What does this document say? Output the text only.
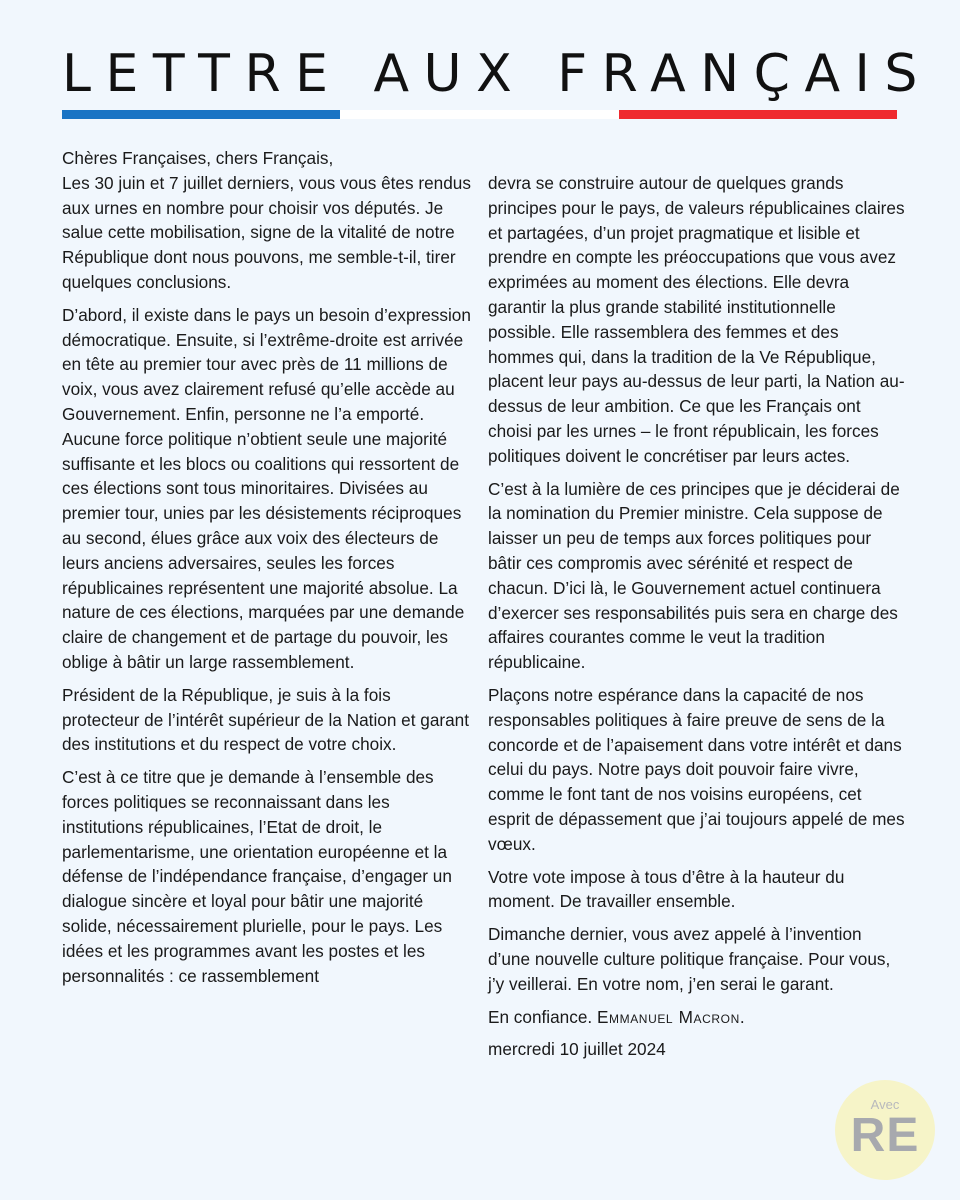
LETTRE AUX FRANÇAIS

Chères Françaises, chers Français,

Les 30 juin et 7 juillet derniers, vous vous êtes rendus aux urnes en nombre pour choisir vos députés. Je salue cette mobilisation, signe de la vitalité de notre République dont nous pouvons, me semble-t-il, tirer quelques conclusions.

D’abord, il existe dans le pays un besoin d’expression démocratique. Ensuite, si l’extrême-droite est arrivée en tête au premier tour avec près de 11 millions de voix, vous avez clairement refusé qu’elle accède au Gouvernement. Enfin, personne ne l’a emporté. Aucune force politique n’obtient seule une majorité suffisante et les blocs ou coalitions qui ressortent de ces élections sont tous minoritaires. Divisées au premier tour, unies par les désistements réciproques au second, élues grâce aux voix des électeurs de leurs anciens adversaires, seules les forces républicaines représentent une majorité absolue. La nature de ces élections, marquées par une demande claire de changement et de partage du pouvoir, les oblige à bâtir un large rassemblement.

Président de la République, je suis à la fois protecteur de l’intérêt supérieur de la Nation et garant des institutions et du respect de votre choix.

C’est à ce titre que je demande à l’ensemble des forces politiques se reconnaissant dans les institutions républicaines, l’Etat de droit, le parlementarisme, une orientation européenne et la défense de l’indépendance française, d’engager un dialogue sincère et loyal pour bâtir une majorité solide, nécessairement plurielle, pour le pays. Les idées et les programmes avant les postes et les personnalités : ce rassemblement

devra se construire autour de quelques grands principes pour le pays, de valeurs républicaines claires et partagées, d’un projet pragmatique et lisible et prendre en compte les préoccupations que vous avez exprimées au moment des élections. Elle devra garantir la plus grande stabilité institutionnelle possible. Elle rassemblera des femmes et des hommes qui, dans la tradition de la Ve République, placent leur pays au-dessus de leur parti, la Nation au-dessus de leur ambition. Ce que les Français ont choisi par les urnes – le front républicain, les forces politiques doivent le concrétiser par leurs actes.

C’est à la lumière de ces principes que je déciderai de la nomination du Premier ministre. Cela suppose de laisser un peu de temps aux forces politiques pour bâtir ces compromis avec sérénité et respect de chacun. D’ici là, le Gouvernement actuel continuera d’exercer ses responsabilités puis sera en charge des affaires courantes comme le veut la tradition républicaine.

Plaçons notre espérance dans la capacité de nos responsables politiques à faire preuve de sens de la concorde et de l’apaisement dans votre intérêt et dans celui du pays. Notre pays doit pouvoir faire vivre, comme le font tant de nos voisins européens, cet esprit de dépassement que j’ai toujours appelé de mes vœux.

Votre vote impose à tous d’être à la hauteur du moment. De travailler ensemble.

Dimanche dernier, vous avez appelé à l’invention d’une nouvelle culture politique française. Pour vous, j’y veillerai. En votre nom, j’en serai le garant.

En confiance. Emmanuel Macron.

mercredi 10 juillet 2024

Avec
RE
